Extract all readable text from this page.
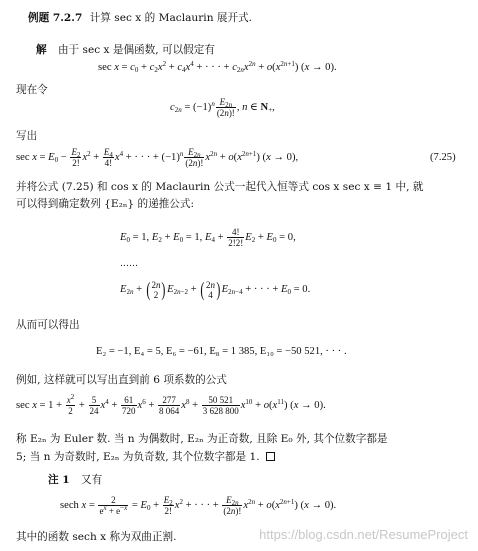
例题 7.2.7 计算 sec x 的 Maclaurin 展开式.
解 由于 sec x 是偶函数, 可以假定有
$\sec x = c_0 + c_2x^2 + c_4x^4$ + · · · + $c_{2n}x^{2n} + o(x^{2n+1}) (x \to 0)$.
现在令
$c_{2n} = (-1)^n \frac{E_{2n}}{(2n)!}$ , n ∈ $N_+$,
写出
$\sec x = E_0 - \frac{E_2}{2!} x^2 + \frac{E_4}{4!} x^4$ + · · · + $(-1)^n \frac{E_{2n}}{(2n)!} x^{2n} + o(x^{2n+1}) (x \to 0)$,	(7.25)
并将公式 (7.25) 和 cos x 的 Maclaurin 公式一起代入恒等式 cos x sec x ≡ 1 中, 就
可以得到确定数列 {E₂ₙ} 的递推公式:
$E_0 = 1$, $E_2 + E_0 = 1$, $E_4 + \frac{4!}{2!2!} E_2 + E_0 = 0$,
……
$E_{2n}$ + ( 2n
2 )$E_{2n-2}$ + ( 2n
4 )$E_{2n-4}$ + · · · + $E_0 = 0$.
从而可以得出
E₂ = −1, E₄ = 5, E₆ = −61, E₈ = 1 385, E₁₀ = −50 521, · · · .
例如, 这样就可以写出直到前 6 项系数的公式
$\sec x = 1 + \frac{x^2}{2} + \frac{5}{24} x^4 + \frac{61}{720} x^6 + \frac{277}{8 064} x^8 + \frac{50 521}{3 628 800} x^{10} + o(x^{11}) (x \to 0)$.
称 E₂ₙ 为 Euler 数. 当 n 为偶数时, E₂ₙ 为正奇数, 且除 E₀ 外, 其个位数字都是
5; 当 n 为奇数时, E₂ₙ 为负奇数, 其个位数字都是 1.
注 1 又有
sech $x = \frac{2}{e^x + e^{-x}} = E_0 + \frac{E_2}{2!} x^2$ + · · · + $\frac{E_{2n}}{(2n)!} x^{2n} + o(x^{2n+1}) (x \to 0)$.
其中的函数 sech x 称为双曲正割.	https://blog.csdn.net/ResumeProject
